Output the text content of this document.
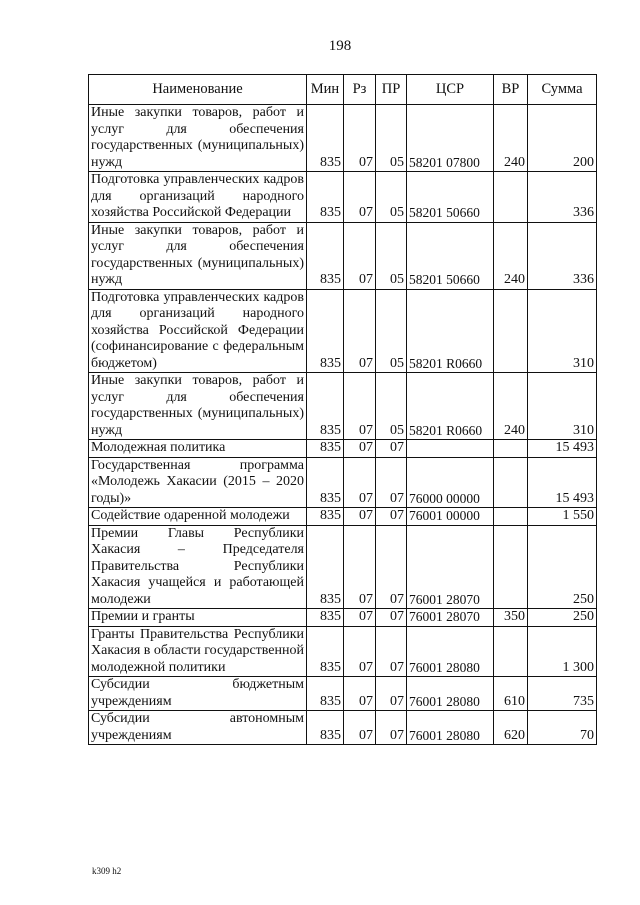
198
Наименование	Мин	Рз	ПР	ЦСР	ВР	Сумма
Иные закупки товаров, работ и услуг для обеспечения государственных (муниципальных) нужд	835	07	05	58201 07800	240	200
Подготовка управленческих кадров для организаций народного хозяйства Российской Федерации	835	07	05	58201 50660		336
Иные закупки товаров, работ и услуг для обеспечения государственных (муниципальных) нужд	835	07	05	58201 50660	240	336
Подготовка управленческих кадров для организаций народного хозяйства Российской Федерации (софинансирование с федеральным бюджетом)	835	07	05	58201 R0660		310
Иные закупки товаров, работ и услуг для обеспечения государственных (муниципальных) нужд	835	07	05	58201 R0660	240	310
Молодежная политика	835	07	07			15 493
Государственная программа «Молодежь Хакасии (2015 – 2020 годы)»	835	07	07	76000 00000		15 493
Содействие одаренной молодежи	835	07	07	76001 00000		1 550
Премии Главы Республики Хакасия – Председателя Правительства Республики Хакасия учащейся и работающей молодежи	835	07	07	76001 28070		250
Премии и гранты	835	07	07	76001 28070	350	250
Гранты Правительства Республики Хакасия в области государственной молодежной политики	835	07	07	76001 28080		1 300
Субсидии бюджетным учреждениям	835	07	07	76001 28080	610	735
Субсидии автономным учреждениям	835	07	07	76001 28080	620	70
k309 h2
